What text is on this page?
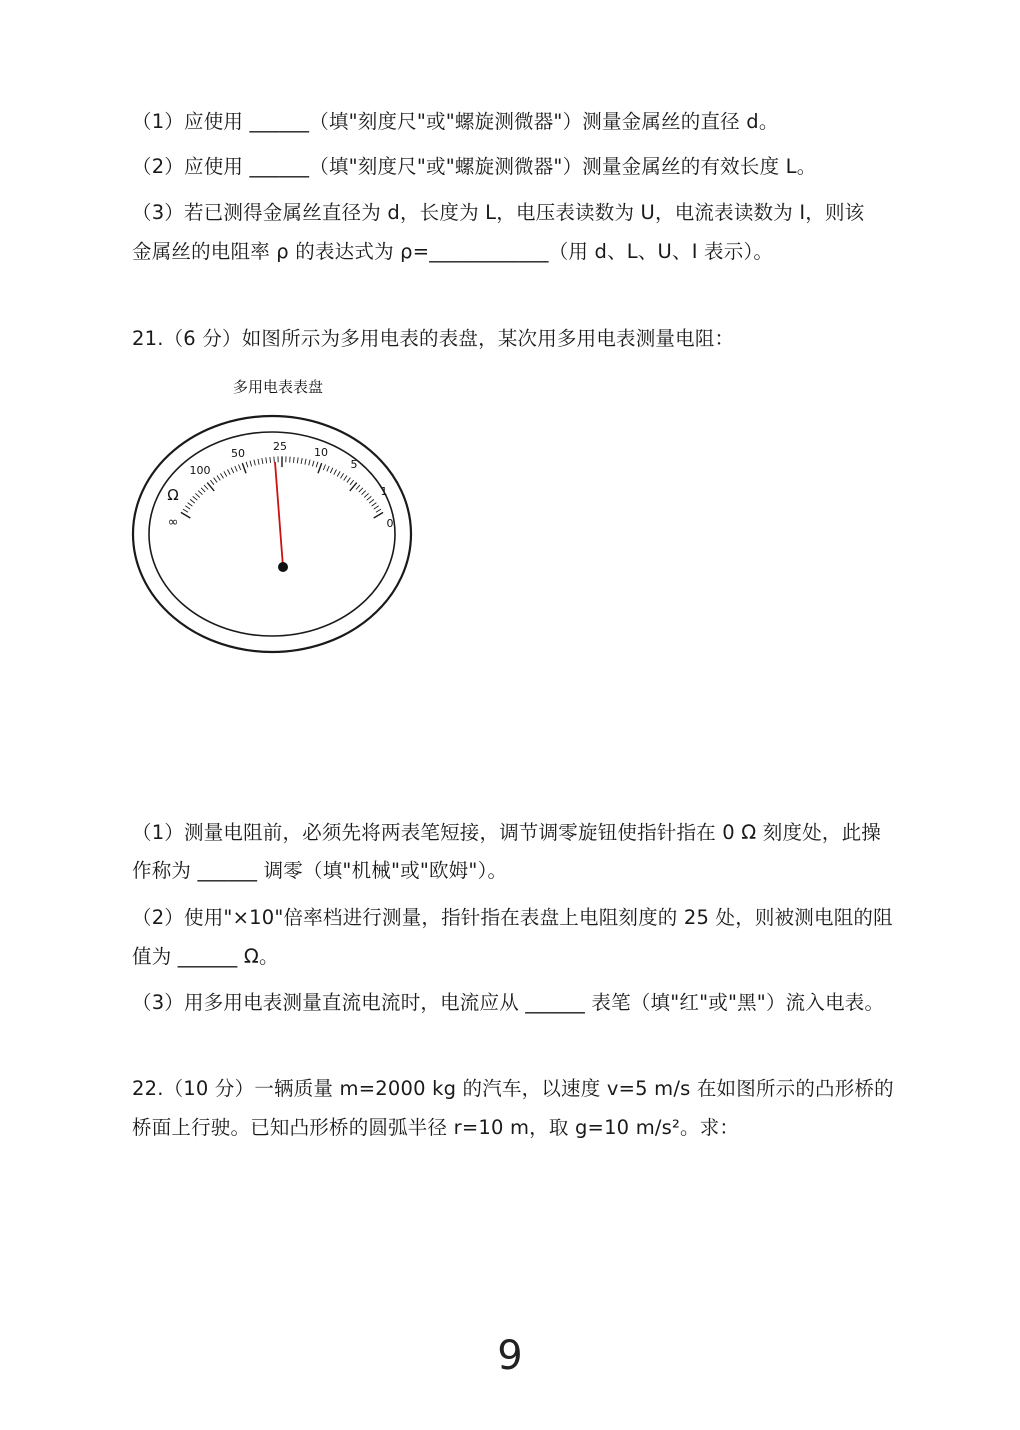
（1）应使用 ______（填"刻度尺"或"螺旋测微器"）测量金属丝的直径 d。
（2）应使用 ______（填"刻度尺"或"螺旋测微器"）测量金属丝的有效长度 L。
（3）若已测得金属丝直径为 d，长度为 L，电压表读数为 U，电流表读数为 I，则该
金属丝的电阻率 ρ 的表达式为 ρ=____________（用 d、L、U、I 表示）。
21.（6 分）如图所示为多用电表的表盘，某次用多用电表测量电阻：
多用电表表盘
∞
100
50
25 10
5
1
0
Ω
（1）测量电阻前，必须先将两表笔短接，调节调零旋钮使指针指在 0 Ω 刻度处，此操
作称为 ______ 调零（填"机械"或"欧姆"）。
（2）使用"×10"倍率档进行测量，指针指在表盘上电阻刻度的 25 处，则被测电阻的阻
值为 ______ Ω。
（3）用多用电表测量直流电流时，电流应从 ______ 表笔（填"红"或"黑"）流入电表。
22.（10 分）一辆质量 m=2000 kg 的汽车，以速度 v=5 m/s 在如图所示的凸形桥的
桥面上行驶。已知凸形桥的圆弧半径 r=10 m，取 g=10 m/s²。求：
9
